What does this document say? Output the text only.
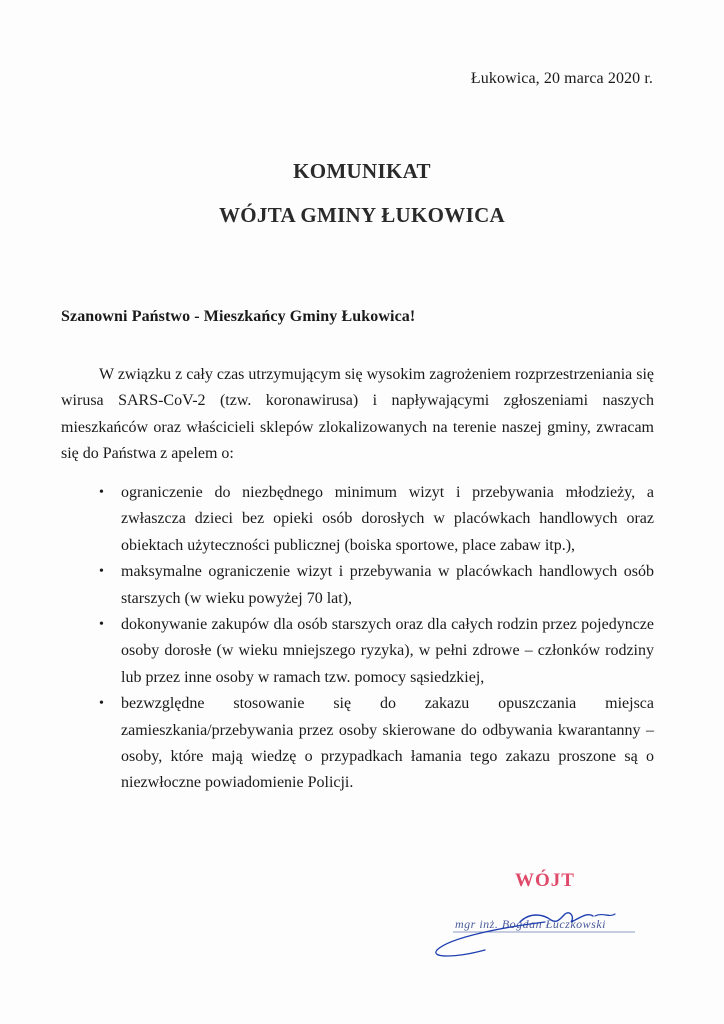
Łukowica, 20 marca 2020 r.
KOMUNIKAT
WÓJTA GMINY ŁUKOWICA
Szanowni Państwo - Mieszkańcy Gminy Łukowica!
W związku z cały czas utrzymującym się wysokim zagrożeniem rozprzestrzeniania się wirusa SARS-CoV-2 (tzw. koronawirusa) i napływającymi zgłoszeniami naszych mieszkańców oraz właścicieli sklepów zlokalizowanych na terenie naszej gminy, zwracam się do Państwa z apelem o:
• ograniczenie do niezbędnego minimum wizyt i przebywania młodzieży, a zwłaszcza dzieci bez opieki osób dorosłych w placówkach handlowych oraz obiektach użyteczności publicznej (boiska sportowe, place zabaw itp.),
• maksymalne ograniczenie wizyt i przebywania w placówkach handlowych osób starszych (w wieku powyżej 70 lat),
• dokonywanie zakupów dla osób starszych oraz dla całych rodzin przez pojedyncze osoby dorosłe (w wieku mniejszego ryzyka), w pełni zdrowe – członków rodziny lub przez inne osoby w ramach tzw. pomocy sąsiedzkiej,
• bezwzględne stosowanie się do zakazu opuszczania miejsca zamieszkania/przebywania przez osoby skierowane do odbywania kwarantanny – osoby, które mają wiedzę o przypadkach łamania tego zakazu proszone są o niezwłoczne powiadomienie Policji.
WÓJT
mgr inż. Bogdan Łuczkowski
